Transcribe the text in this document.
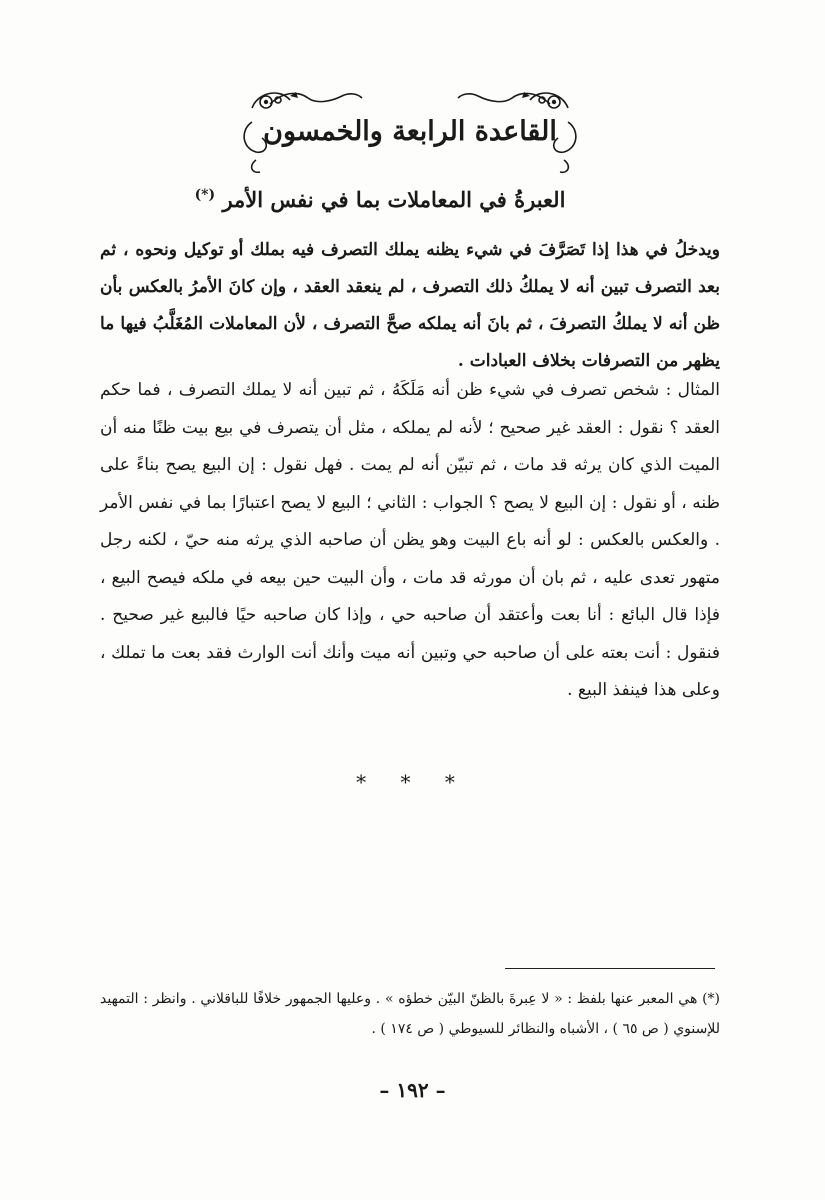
القاعدة الرابعة والخمسون
العبرةُ في المعاملات بما في نفس الأمر (*)

ويدخلُ في هذا إذا تَصَرَّفَ في شيء يظنه يملك التصرف فيه بملك أو توكيل ونحوه ، ثم بعد التصرف تبين أنه لا يملكُ ذلك التصرف ، لم ينعقد العقد ، وإن كانَ الأمرُ بالعكس بأن ظن أنه لا يملكُ التصرفَ ، ثم بانَ أنه يملكه صحَّ التصرف ، لأن المعاملات المُغَلَّبُ فيها ما يظهر من التصرفات بخلاف العبادات .

المثال : شخص تصرف في شيء ظن أنه مَلَكَهُ ، ثم تبين أنه لا يملك التصرف ، فما حكم العقد ؟ نقول : العقد غير صحيح ؛ لأنه لم يملكه ، مثل أن يتصرف في بيع بيت ظنًا منه أن الميت الذي كان يرثه قد مات ، ثم تبيّن أنه لم يمت . فهل نقول : إن البيع يصح بناءً على ظنه ، أو نقول : إن البيع لا يصح ؟ الجواب : الثاني ؛ البيع لا يصح اعتبارًا بما في نفس الأمر . والعكس بالعكس : لو أنه باع البيت وهو يظن أن صاحبه الذي يرثه منه حيّ ، لكنه رجل متهور تعدى عليه ، ثم بان أن مورثه قد مات ، وأن البيت حين بيعه في ملكه فيصح البيع ، فإذا قال البائع : أنا بعت وأعتقد أن صاحبه حي ، وإذا كان صاحبه حيًا فالبيع غير صحيح . فنقول : أنت بعته على أن صاحبه حي وتبين أنه ميت وأنك أنت الوارث فقد بعت ما تملك ، وعلى هذا فينفذ البيع .

* * *

(*) هي المعبر عنها بلفظ : « لا عِبرةَ بالظنّ البيّن خطؤه » . وعليها الجمهور خلافًا للباقلاني . وانظر : التمهيد للإسنوي ( ص ٦٥ ) ، الأشباه والنظائر للسيوطي ( ص ١٧٤ ) .

– ١٩٢ –
